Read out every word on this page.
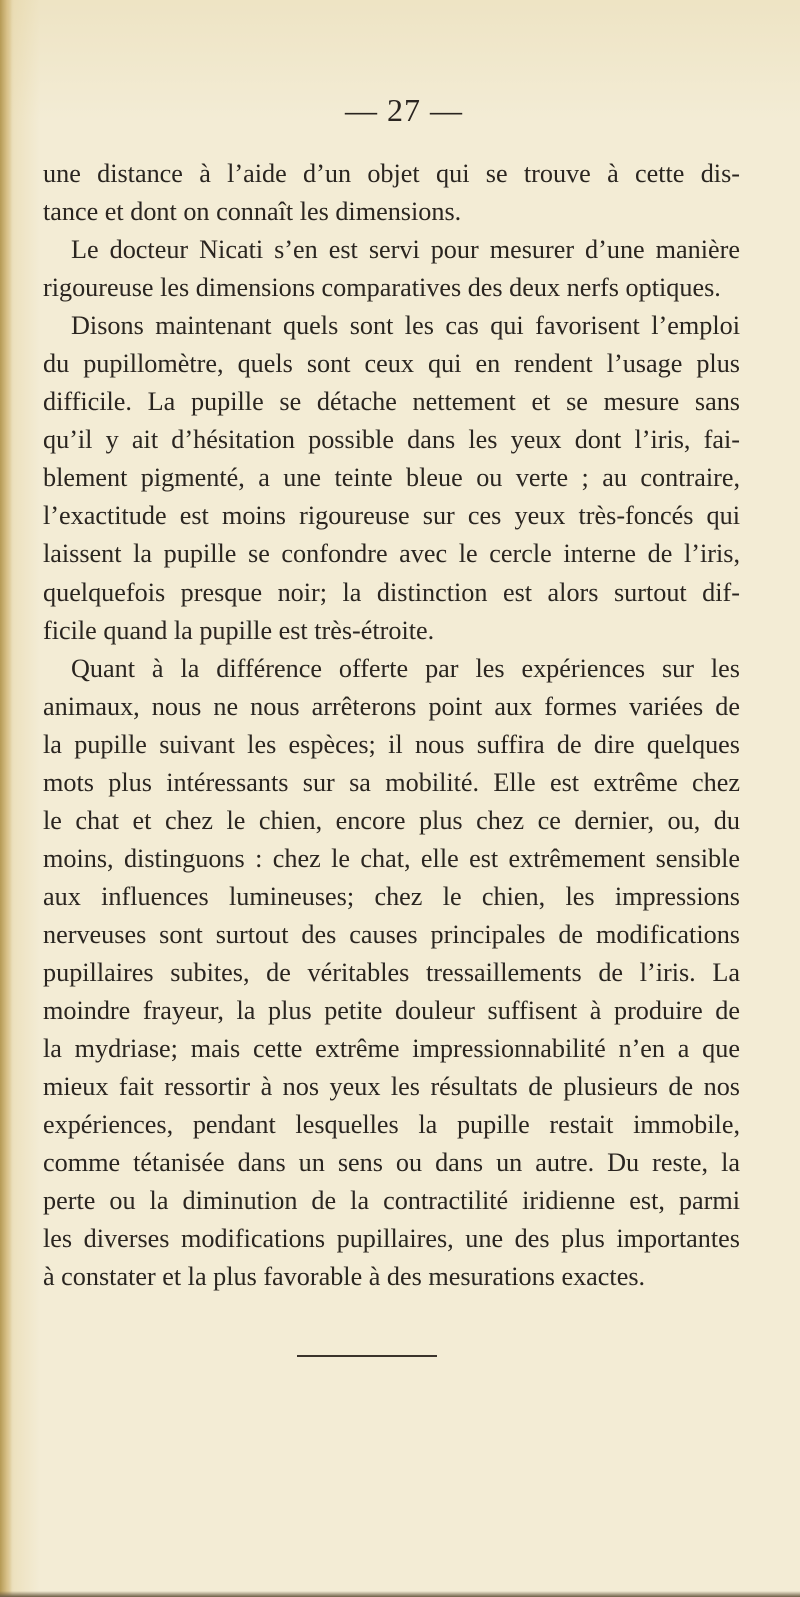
— 27 —
une distance à l’aide d’un objet qui se trouve à cette dis-
tance et dont on connaît les dimensions.
Le docteur Nicati s’en est servi pour mesurer d’une manière
rigoureuse les dimensions comparatives des deux nerfs optiques.
Disons maintenant quels sont les cas qui favorisent l’emploi
du pupillomètre, quels sont ceux qui en rendent l’usage plus
difficile. La pupille se détache nettement et se mesure sans
qu’il y ait d’hésitation possible dans les yeux dont l’iris, fai-
blement pigmenté, a une teinte bleue ou verte ; au contraire,
l’exactitude est moins rigoureuse sur ces yeux très-foncés qui
laissent la pupille se confondre avec le cercle interne de l’iris,
quelquefois presque noir; la distinction est alors surtout dif-
ficile quand la pupille est très-étroite.
Quant à la différence offerte par les expériences sur les
animaux, nous ne nous arrêterons point aux formes variées de
la pupille suivant les espèces; il nous suffira de dire quelques
mots plus intéressants sur sa mobilité. Elle est extrême chez
le chat et chez le chien, encore plus chez ce dernier, ou, du
moins, distinguons : chez le chat, elle est extrêmement sensible
aux influences lumineuses; chez le chien, les impressions
nerveuses sont surtout des causes principales de modifications
pupillaires subites, de véritables tressaillements de l’iris. La
moindre frayeur, la plus petite douleur suffisent à produire de
la mydriase; mais cette extrême impressionnabilité n’en a que
mieux fait ressortir à nos yeux les résultats de plusieurs de nos
expériences, pendant lesquelles la pupille restait immobile,
comme tétanisée dans un sens ou dans un autre. Du reste, la
perte ou la diminution de la contractilité iridienne est, parmi
les diverses modifications pupillaires, une des plus importantes
à constater et la plus favorable à des mesurations exactes.
